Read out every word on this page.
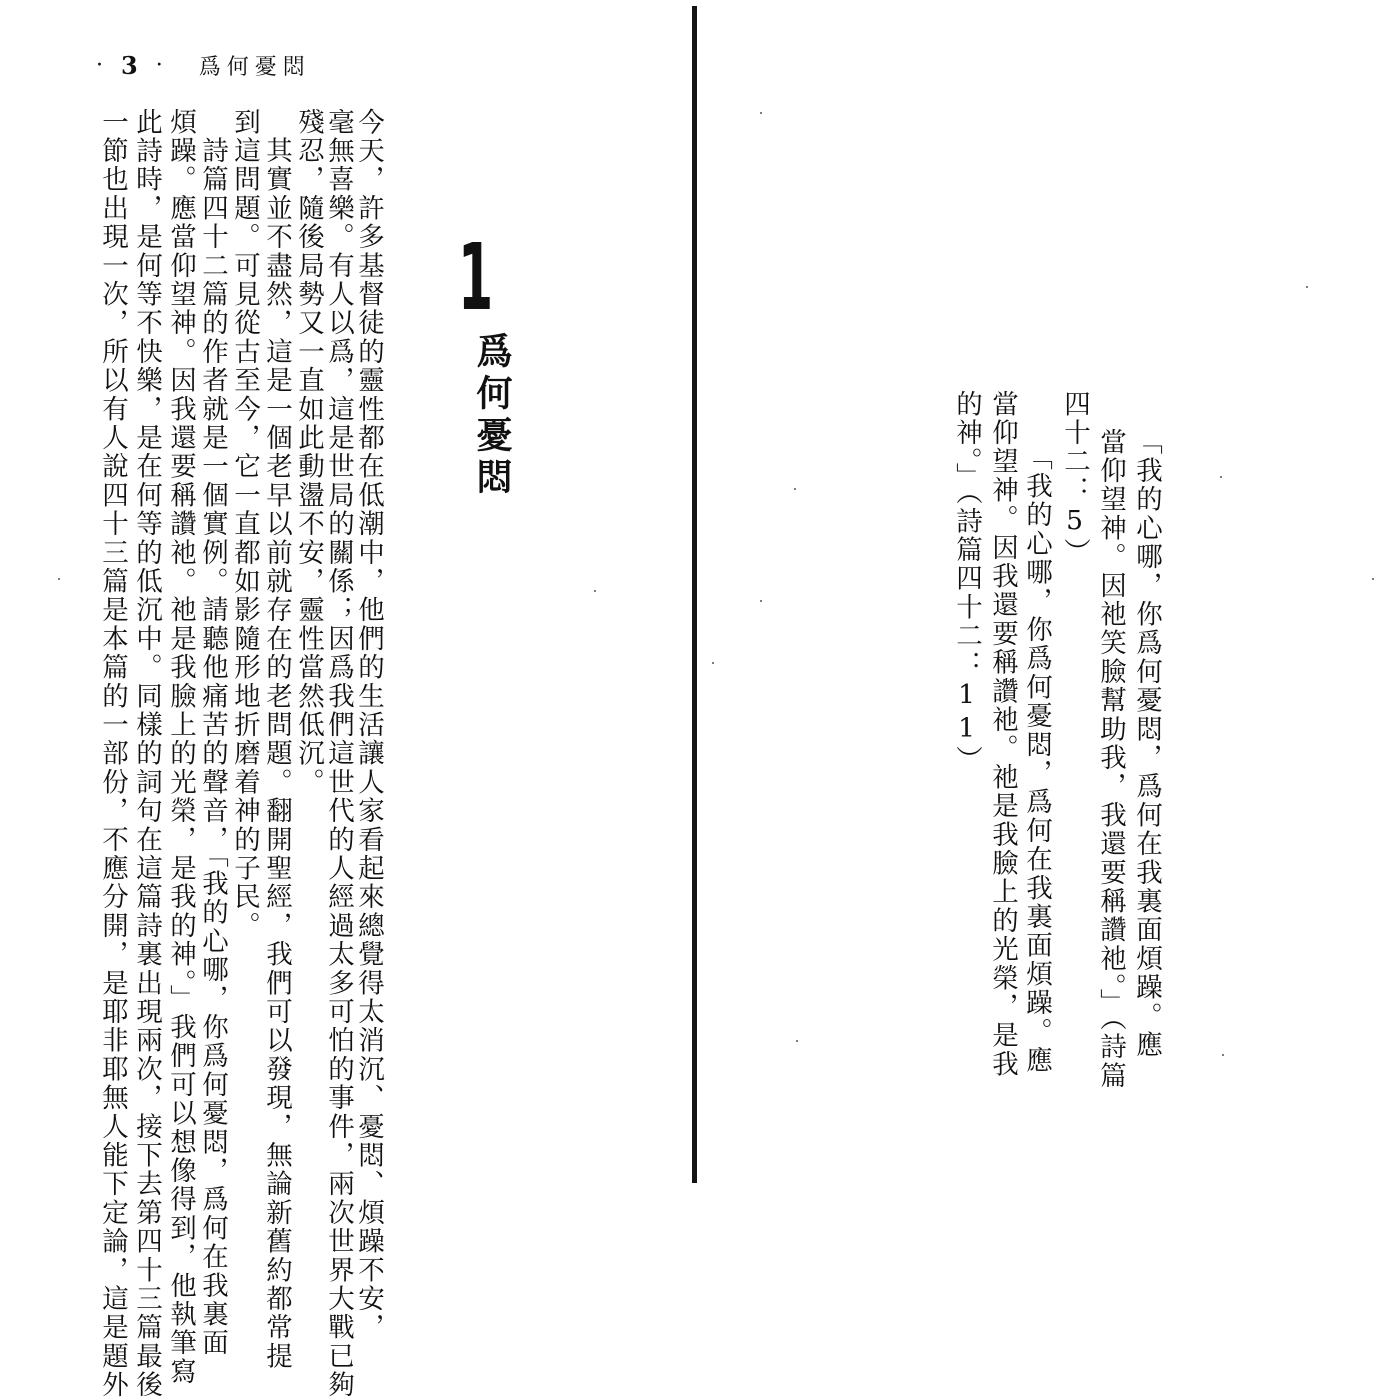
· 3 · 爲何憂悶
1
爲何憂悶
今天，許多基督徒的靈性都在低潮中，他們的生活讓人家看起來總覺得太消沉、憂悶、煩躁不安，
毫無喜樂。有人以爲，這是世局的關係；因爲我們這世代的人經過太多可怕的事件，兩次世界大戰已夠
殘忍，隨後局勢又一直如此動盪不安，靈性當然低沉。
　其實並不盡然，這是一個老早以前就存在的老問題。翻開聖經，我們可以發現，無論新舊約都常提
到這問題。可見從古至今，它一直都如影隨形地折磨着神的子民。
　詩篇四十二篇的作者就是一個實例。請聽他痛苦的聲音，「我的心哪，你爲何憂悶，爲何在我裏面
煩躁。應當仰望神。因我還要稱讚祂。祂是我臉上的光榮，是我的神。」我們可以想像得到，他執筆寫
此詩時，是何等不快樂，是在何等的低沉中。同樣的詞句在這篇詩裏出現兩次，接下去第四十三篇最後
一節也出現一次，所以有人說四十三篇是本篇的一部份，不應分開，是耶非耶無人能下定論，這是題外	「我的心哪，你爲何憂悶，爲何在我裏面煩躁。應
當仰望神。因祂笑臉幫助我，我還要稱讚祂。」（詩篇
四十二：5）
　「我的心哪，你爲何憂悶，爲何在我裏面煩躁。應
當仰望神。因我還要稱讚祂。祂是我臉上的光榮，是我
的神。」（詩篇四十二：11）
